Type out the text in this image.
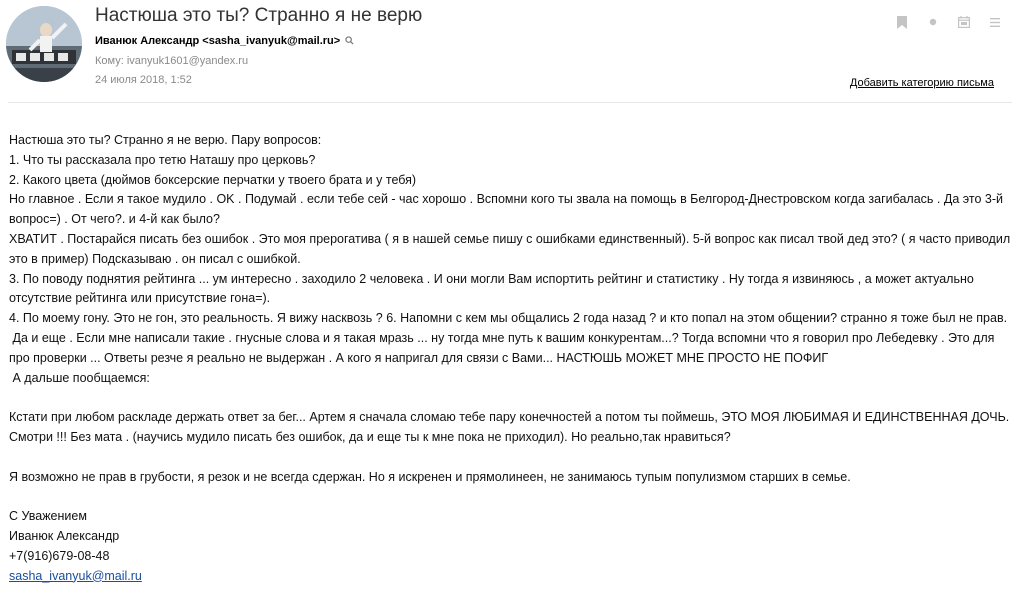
Настюша это ты? Странно я не верю
Иванюк Александр <sasha_ivanyuk@mail.ru>
Кому: ivanyuk1601@yandex.ru
24 июля 2018, 1:52	Добавить категорию письма

Настюша это ты? Странно я не верю. Пару вопросов:

1. Что ты рассказала про тетю Наташу про церковь?

2. Какого цвета (дюймов боксерские перчатки у твоего брата и у тебя)

Но главное . Если я такое мудило . OK . Подумай . если тебе сей - час хорошо . Вспомни кого ты звала на помощь в Белгород-Днестровском когда загибалась . Да это 3-й вопрос=) . От чего?. и 4-й как было?

ХВАТИТ . Постарайся писать без ошибок . Это моя прерогатива ( я в нашей семье пишу с ошибками единственный). 5-й вопрос как писал твой дед это? ( я часто приводил это в пример) Подсказываю . он писал с ошибкой.

3. По поводу поднятия рейтинга ... ум интересно . заходило 2 человека . И они могли Вам испортить рейтинг и статистику . Ну тогда я извиняюсь , а может актуально отсутствие рейтинга или присутствие гона=).

4. По моему гону. Это не гон, это реальность. Я вижу насквозь ? 6. Напомни с кем мы общались 2 года назад ? и кто попал на этом общении? странно я тоже был не прав.

Да и еще . Если мне написали такие . гнусные слова и я такая мразь ... ну тогда мне путь к вашим конкурентам...? Тогда вспомни что я говорил про Лебедевку . Это для про проверки ... Ответы резче я реально не выдержан . А кого я напригал для связи с Вами... НАСТЮШЬ МОЖЕТ МНЕ ПРОСТО НЕ ПОФИГ

А дальше пообщаемся:

Кстати при любом раскладе держать ответ за бег... Артем я сначала сломаю тебе пару конечностей а потом ты поймешь, ЭТО МОЯ ЛЮБИМАЯ И ЕДИНСТВЕННАЯ ДОЧЬ. Смотри !!! Без мата . (научись мудило писать без ошибок, да и еще ты к мне пока не приходил). Но реально,так нравиться?

Я возможно не прав в грубости, я резок и не всегда сдержан. Но я искренен и прямолинеен, не занимаюсь тупым популизмом старших в семье.

С Уважением

Иванюк Александр

+7(916)679-08-48

sasha_ivanyuk@mail.ru
